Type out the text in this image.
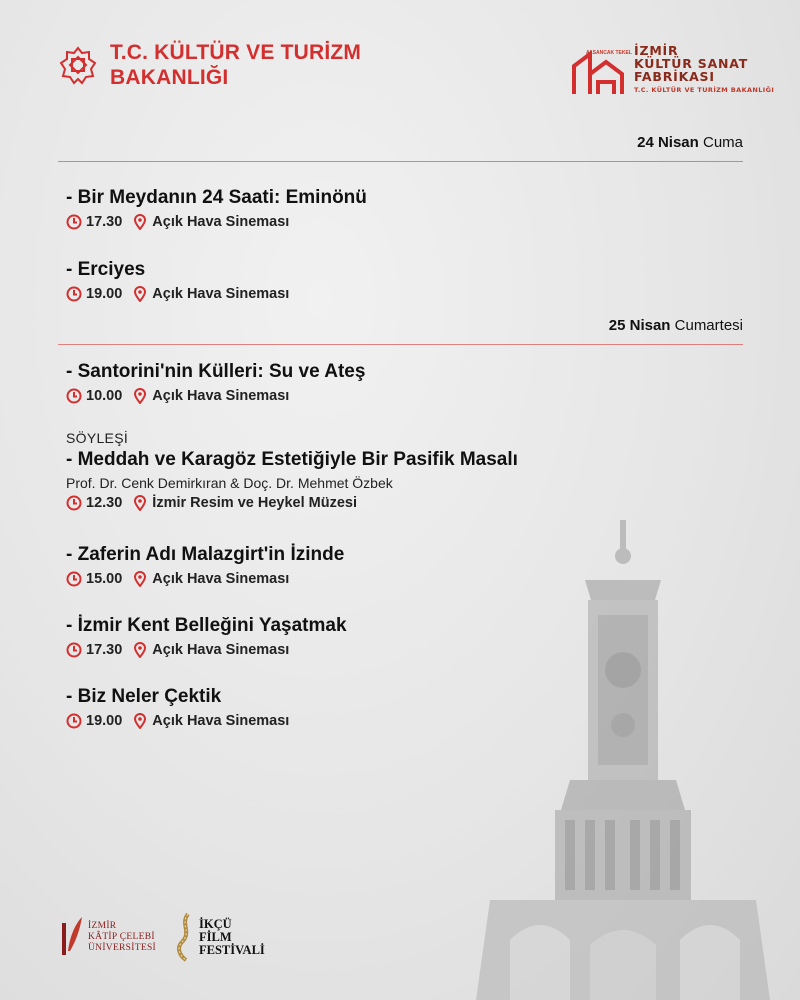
T.C. KÜLTÜR VE TURİZM
BAKANLIĞI
İZMİR
KÜLTÜR SANAT
FABRİKASI
T.C. KÜLTÜR VE TURİZM BAKANLIĞI
ALSANCAK TEKEL
24 Nisan Cuma
- Bir Meydanın 24 Saati: Eminönü
17.30 Açık Hava Sineması
- Erciyes
19.00 Açık Hava Sineması
25 Nisan Cumartesi
- Santorini'nin Külleri: Su ve Ateş
10.00 Açık Hava Sineması
SÖYLEŞİ
- Meddah ve Karagöz Estetiğiyle Bir Pasifik Masalı
Prof. Dr. Cenk Demirkıran & Doç. Dr. Mehmet Özbek
12.30 İzmir Resim ve Heykel Müzesi
- Zaferin Adı Malazgirt'in İzinde
15.00 Açık Hava Sineması
- İzmir Kent Belleğini Yaşatmak
17.30 Açık Hava Sineması
- Biz Neler Çektik
19.00 Açık Hava Sineması
İZMİR
KÂTİP ÇELEBİ
ÜNİVERSİTESİ
İKÇÜ
FİLM
FESTİVALİ
